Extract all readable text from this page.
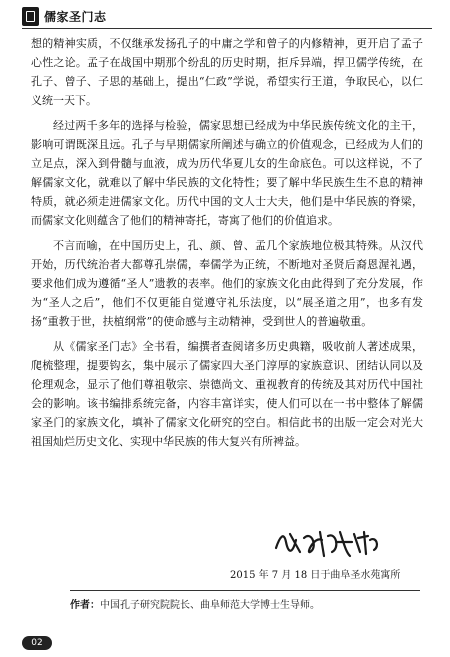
儒家圣门志

想的精神实质，不仅继承发扬孔子的中庸之学和曾子的内修精神，更开启了孟子心性之论。孟子在战国中期那个纷乱的历史时期，拒斥异端，捍卫儒学传统，在孔子、曾子、子思的基础上，提出“仁政”学说，希望实行王道，争取民心，以仁义统一天下。

经过两千多年的选择与检验，儒家思想已经成为中华民族传统文化的主干，影响可谓既深且远。孔子与早期儒家所阐述与确立的价值观念，已经成为人们的立足点，深入到骨髓与血液，成为历代华夏儿女的生命底色。可以这样说，不了解儒家文化，就难以了解中华民族的文化特性；要了解中华民族生生不息的精神特质，就必须走进儒家文化。历代中国的文人士大夫，他们是中华民族的脊梁，而儒家文化则蕴含了他们的精神寄托，寄寓了他们的价值追求。

不言而喻，在中国历史上，孔、颜、曾、孟几个家族地位极其特殊。从汉代开始，历代统治者大都尊孔崇儒，奉儒学为正统，不断地对圣贤后裔恩渥礼遇，要求他们成为遵循“圣人”遗教的表率。他们的家族文化由此得到了充分发展，作为“圣人之后”，他们不仅更能自觉遵守礼乐法度，以“展圣道之用”，也多有发扬“重教于世，扶植纲常”的使命感与主动精神，受到世人的普遍敬重。

从《儒家圣门志》全书看，编撰者查阅诸多历史典籍，吸收前人著述成果，爬梳整理，提要钩玄，集中展示了儒家四大圣门淳厚的家族意识、团结认同以及伦理观念，显示了他们尊祖敬宗、崇德尚文、重视教育的传统及其对历代中国社会的影响。该书编排系统完备，内容丰富详实，使人们可以在一书中整体了解儒家圣门的家族文化，填补了儒家文化研究的空白。相信此书的出版一定会对光大祖国灿烂历史文化、实现中华民族的伟大复兴有所裨益。

2015 年 7 月 18 日于曲阜圣水苑寓所
作者：中国孔子研究院院长、曲阜师范大学博士生导师。
02
